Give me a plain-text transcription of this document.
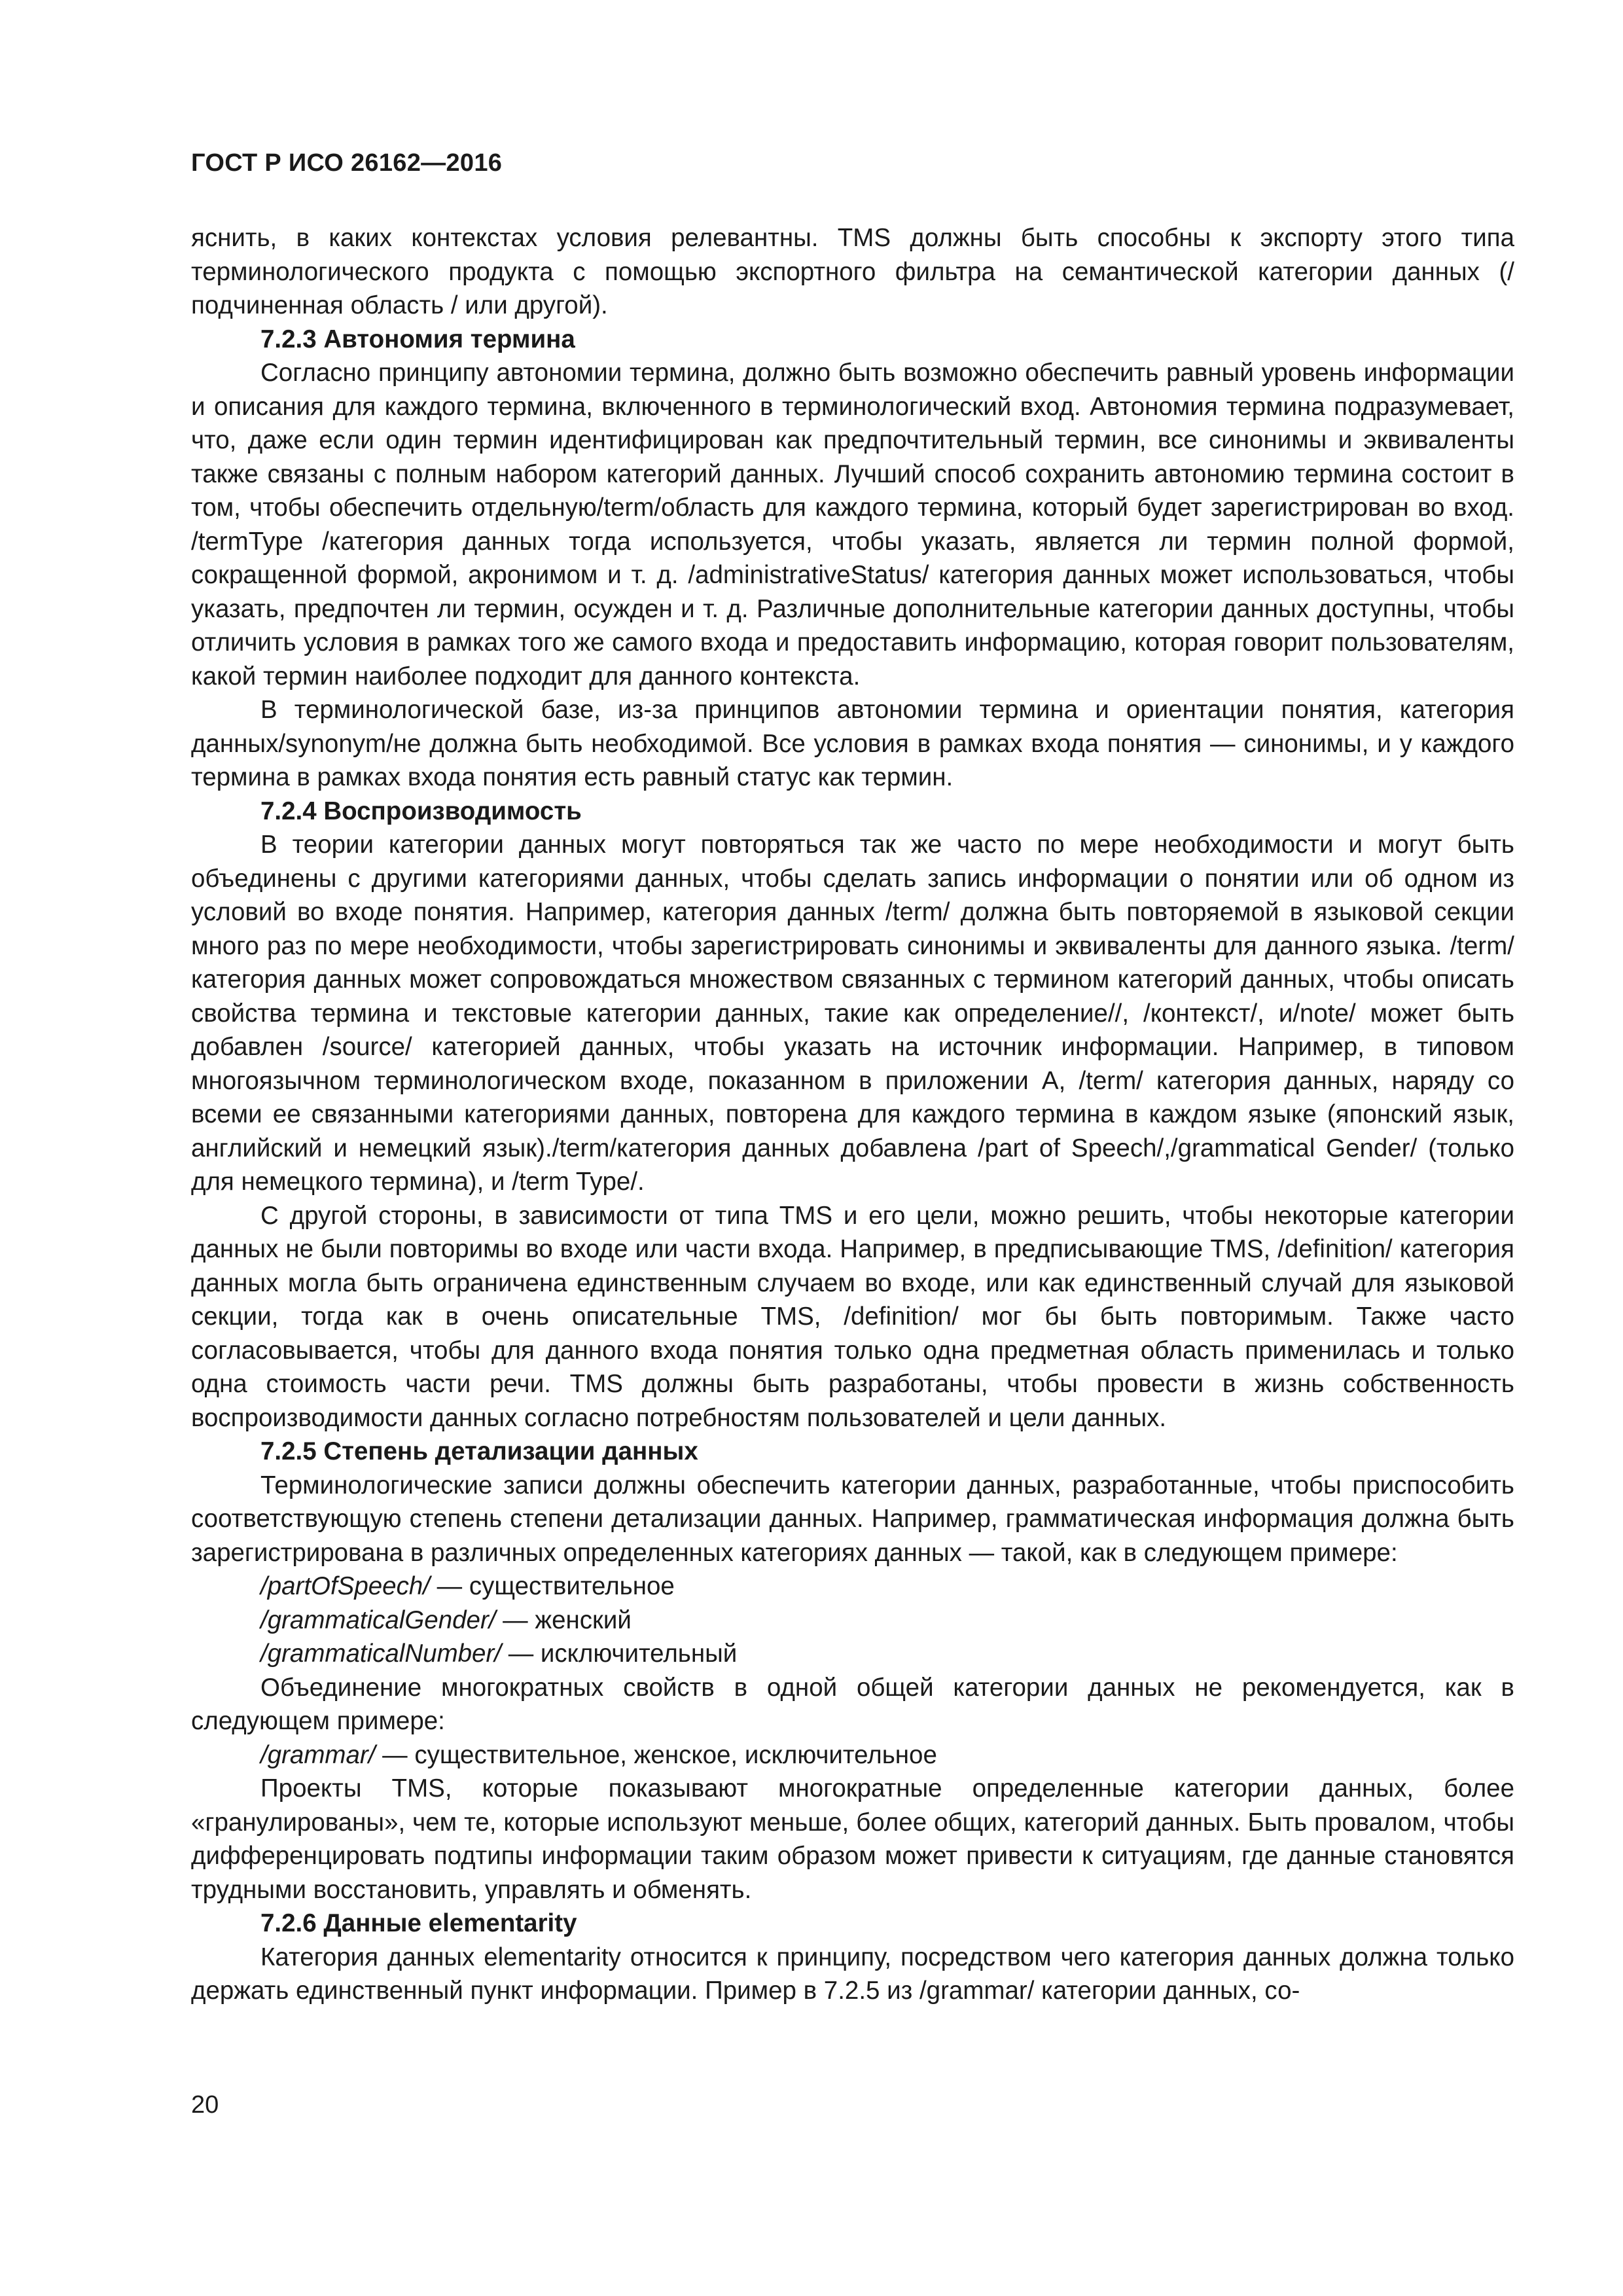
ГОСТ Р ИСО 26162—2016

яснить, в каких контекстах условия релевантны. TMS должны быть способны к экспорту этого типа терминологического продукта с помощью экспортного фильтра на семантической категории данных (/подчиненная область / или другой).

7.2.3 Автономия термина

Согласно принципу автономии термина, должно быть возможно обеспечить равный уровень информации и описания для каждого термина, включенного в терминологический вход. Автономия термина подразумевает, что, даже если один термин идентифицирован как предпочтительный термин, все синонимы и эквиваленты также связаны с полным набором категорий данных. Лучший способ сохранить автономию термина состоит в том, чтобы обеспечить отдельную/term/область для каждого термина, который будет зарегистрирован во вход. /termType /категория данных тогда используется, чтобы указать, является ли термин полной формой, сокращенной формой, акронимом и т. д. /administrativeStatus/ категория данных может использоваться, чтобы указать, предпочтен ли термин, осужден и т. д. Различные дополнительные категории данных доступны, чтобы отличить условия в рамках того же самого входа и предоставить информацию, которая говорит пользователям, какой термин наиболее подходит для данного контекста.

В терминологической базе, из-за принципов автономии термина и ориентации понятия, категория данных/synonym/не должна быть необходимой. Все условия в рамках входа понятия — синонимы, и у каждого термина в рамках входа понятия есть равный статус как термин.

7.2.4 Воспроизводимость

В теории категории данных могут повторяться так же часто по мере необходимости и могут быть объединены с другими категориями данных, чтобы сделать запись информации о понятии или об одном из условий во входе понятия. Например, категория данных /term/ должна быть повторяемой в языковой секции много раз по мере необходимости, чтобы зарегистрировать синонимы и эквиваленты для данного языка. /term/ категория данных может сопровождаться множеством связанных с термином категорий данных, чтобы описать свойства термина и текстовые категории данных, такие как определение//, /контекст/, и/note/ может быть добавлен /source/ категорией данных, чтобы указать на источник информации. Например, в типовом многоязычном терминологическом входе, показанном в приложении А, /term/ категория данных, наряду со всеми ее связанными категориями данных, повторена для каждого термина в каждом языке (японский язык, английский и немецкий язык)./term/категория данных добавлена /part of Speech/,/grammatical Gender/ (только для немецкого термина), и /term Type/.

С другой стороны, в зависимости от типа TMS и его цели, можно решить, чтобы некоторые категории данных не были повторимы во входе или части входа. Например, в предписывающие TMS, /definition/ категория данных могла быть ограничена единственным случаем во входе, или как единственный случай для языковой секции, тогда как в очень описательные TMS, /definition/ мог бы быть повторимым. Также часто согласовывается, чтобы для данного входа понятия только одна предметная область применилась и только одна стоимость части речи. TMS должны быть разработаны, чтобы провести в жизнь собственность воспроизводимости данных согласно потребностям пользователей и цели данных.

7.2.5 Степень детализации данных

Терминологические записи должны обеспечить категории данных, разработанные, чтобы приспособить соответствующую степень степени детализации данных. Например, грамматическая информация должна быть зарегистрирована в различных определенных категориях данных — такой, как в следующем примере:

/partOfSpeech/ — существительное
/grammaticalGender/ — женский
/grammaticalNumber/ — исключительный

Объединение многократных свойств в одной общей категории данных не рекомендуется, как в следующем примере:

/grammar/ — существительное, женское, исключительное

Проекты TMS, которые показывают многократные определенные категории данных, более «гранулированы», чем те, которые используют меньше, более общих, категорий данных. Быть провалом, чтобы дифференцировать подтипы информации таким образом может привести к ситуациям, где данные становятся трудными восстановить, управлять и обменять.

7.2.6 Данные elementarity

Категория данных elementarity относится к принципу, посредством чего категория данных должна только держать единственный пункт информации. Пример в 7.2.5 из /grammar/ категории данных, со-

20
